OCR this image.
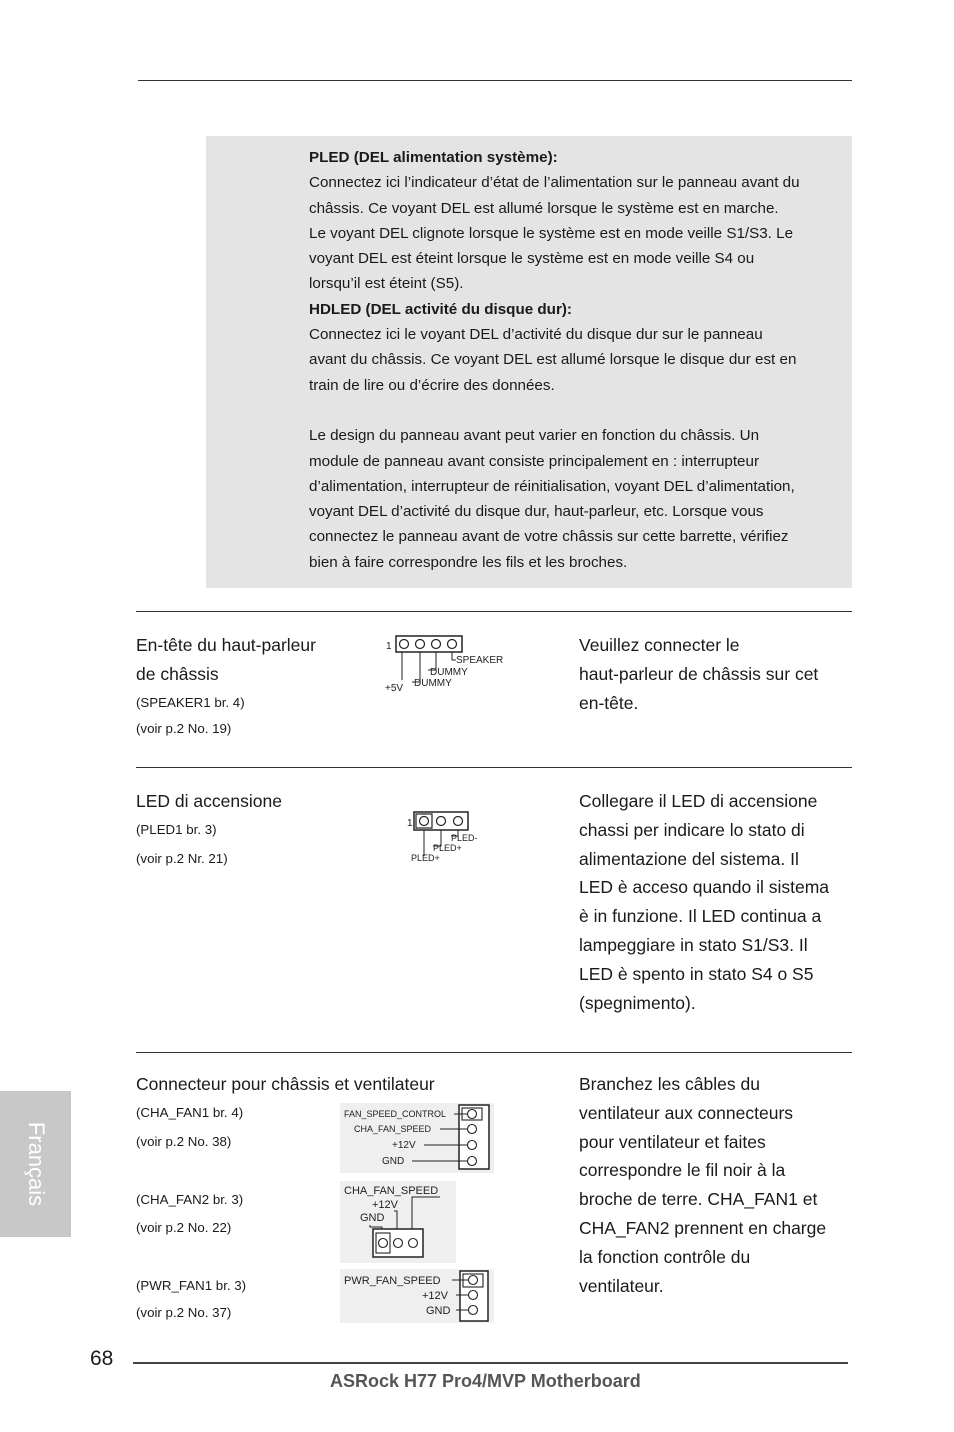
PLED (DEL alimentation système):

Connectez ici l’indicateur d’état de l’alimentation sur le panneau avant du

châssis. Ce voyant DEL est allumé lorsque le système est en marche.

Le voyant DEL clignote lorsque le système est en mode veille S1/S3. Le

voyant DEL est éteint lorsque le système est en mode veille S4 ou

lorsqu’il est éteint (S5).

HDLED (DEL activité du disque dur):

Connectez ici le voyant DEL d’activité du disque dur sur le panneau

avant du châssis. Ce voyant DEL est allumé lorsque le disque dur est en

train de lire ou d’écrire des données.

Le design du panneau avant peut varier en fonction du châssis. Un

module de panneau avant consiste principalement en : interrupteur

d’alimentation, interrupteur de réinitialisation, voyant DEL d’alimentation,

voyant DEL d’activité du disque dur, haut-parleur, etc. Lorsque vous

connectez le panneau avant de votre châssis sur cette barrette, vérifiez

bien à faire correspondre les fils et les broches.

En-tête du haut-parleur
de châssis
(SPEAKER1 br. 4)
(voir p.2 No. 19)
1
SPEAKER
DUMMY
+5V DUMMY
Veuillez connecter le
haut-parleur de châssis sur cet
en-tête.
LED di accensione
(PLED1 br. 3)
(voir p.2 Nr. 21)
1
PLED-
PLED+
PLED+
Collegare il LED di accensione
chassi per indicare lo stato di
alimentazione del sistema. Il
LED è acceso quando il sistema
è in funzione. Il LED continua a
lampeggiare in stato S1/S3. Il
LED è spento in stato S4 o S5
(spegnimento).
Connecteur pour châssis et ventilateur
(CHA_FAN1 br. 4)
(voir p.2 No. 38)
(CHA_FAN2 br. 3)
(voir p.2 No. 22)
(PWR_FAN1 br. 3)
(voir p.2 No. 37)
FAN_SPEED_CONTROL
CHA_FAN_SPEED
+12V
GND
CHA_FAN_SPEED
+12V
GND
PWR_FAN_SPEED
+12V
GND
Branchez les câbles du
ventilateur aux connecteurs
pour ventilateur et faites
correspondre le fil noir à la
broche de terre. CHA_FAN1 et
CHA_FAN2 prennent en charge
la fonction contrôle du
ventilateur.
Français
68
ASRock H77 Pro4/MVP Motherboard
